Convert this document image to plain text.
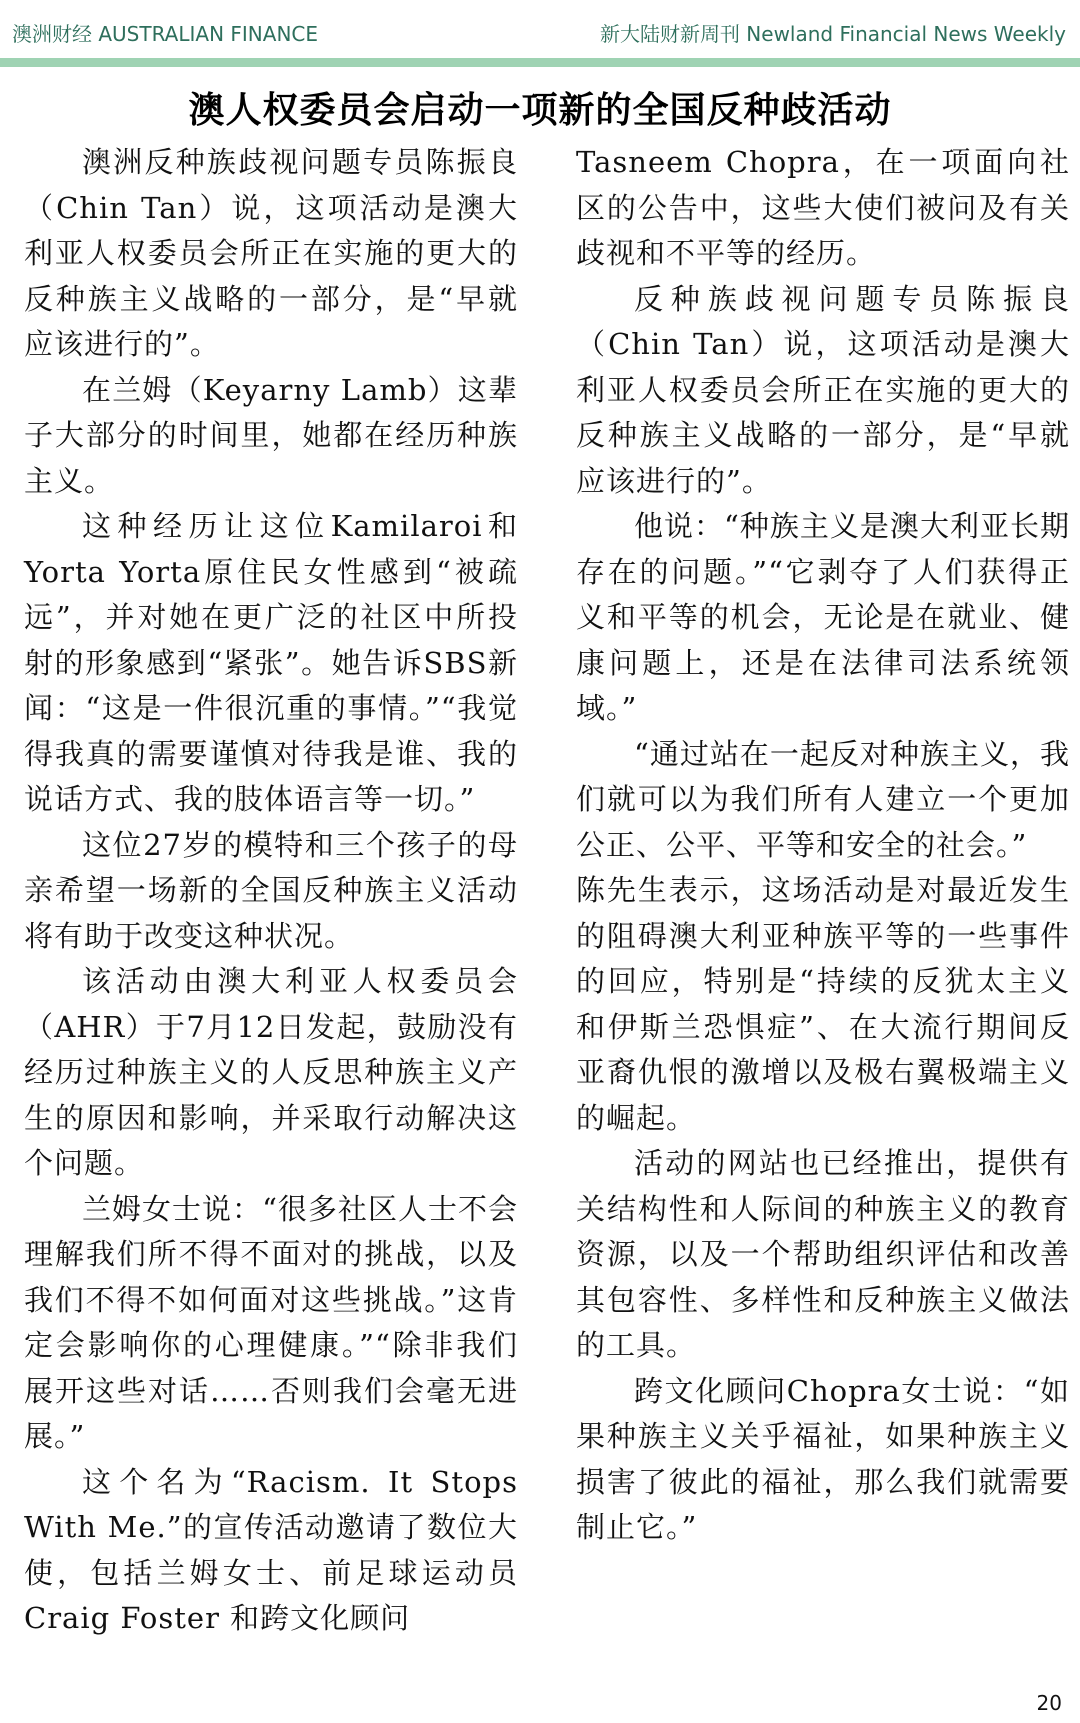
澳洲财经 AUSTRALIAN FINANCE	新大陆财新周刊 Newland Financial News Weekly
澳人权委员会启动一项新的全国反种歧活动

澳洲反种族歧视问题专员陈振良（Chin Tan）说，这项活动是澳大利亚人权委员会所正在实施的更大的反种族主义战略的一部分，是“早就应该进行的”。

在兰姆（Keyarny Lamb）这辈子大部分的时间里，她都在经历种族主义。

这种经历让这位Kamilaroi和Yorta Yorta原住民女性感到“被疏远”，并对她在更广泛的社区中所投射的形象感到“紧张”。她告诉SBS新闻：“这是一件很沉重的事情。”“我觉得我真的需要谨慎对待我是谁、我的说话方式、我的肢体语言等一切。”

这位27岁的模特和三个孩子的母亲希望一场新的全国反种族主义活动将有助于改变这种状况。

该活动由澳大利亚人权委员会（AHR）于7月12日发起，鼓励没有经历过种族主义的人反思种族主义产生的原因和影响，并采取行动解决这个问题。

兰姆女士说：“很多社区人士不会理解我们所不得不面对的挑战，以及我们不得不如何面对这些挑战。”这肯定会影响你的心理健康。”“除非我们展开这些对话……否则我们会毫无进展。”

这个名为“Racism. It Stops With Me.”的宣传活动邀请了数位大使，包括兰姆女士、前足球运动员 Craig Foster 和跨文化顾问

Tasneem Chopra，在一项面向社区的公告中，这些大使们被问及有关歧视和不平等的经历。

反种族歧视问题专员陈振良（Chin Tan）说，这项活动是澳大利亚人权委员会所正在实施的更大的反种族主义战略的一部分，是“早就应该进行的”。

他说：“种族主义是澳大利亚长期存在的问题。”“它剥夺了人们获得正义和平等的机会，无论是在就业、健康问题上，还是在法律司法系统领域。”

“通过站在一起反对种族主义，我们就可以为我们所有人建立一个更加公正、公平、平等和安全的社会。”

陈先生表示，这场活动是对最近发生的阻碍澳大利亚种族平等的一些事件的回应，特别是“持续的反犹太主义和伊斯兰恐惧症”、在大流行期间反亚裔仇恨的激增以及极右翼极端主义的崛起。

活动的网站也已经推出，提供有关结构性和人际间的种族主义的教育资源，以及一个帮助组织评估和改善其包容性、多样性和反种族主义做法的工具。

跨文化顾问Chopra女士说：“如果种族主义关乎福祉，如果种族主义损害了彼此的福祉，那么我们就需要制止它。”

20
